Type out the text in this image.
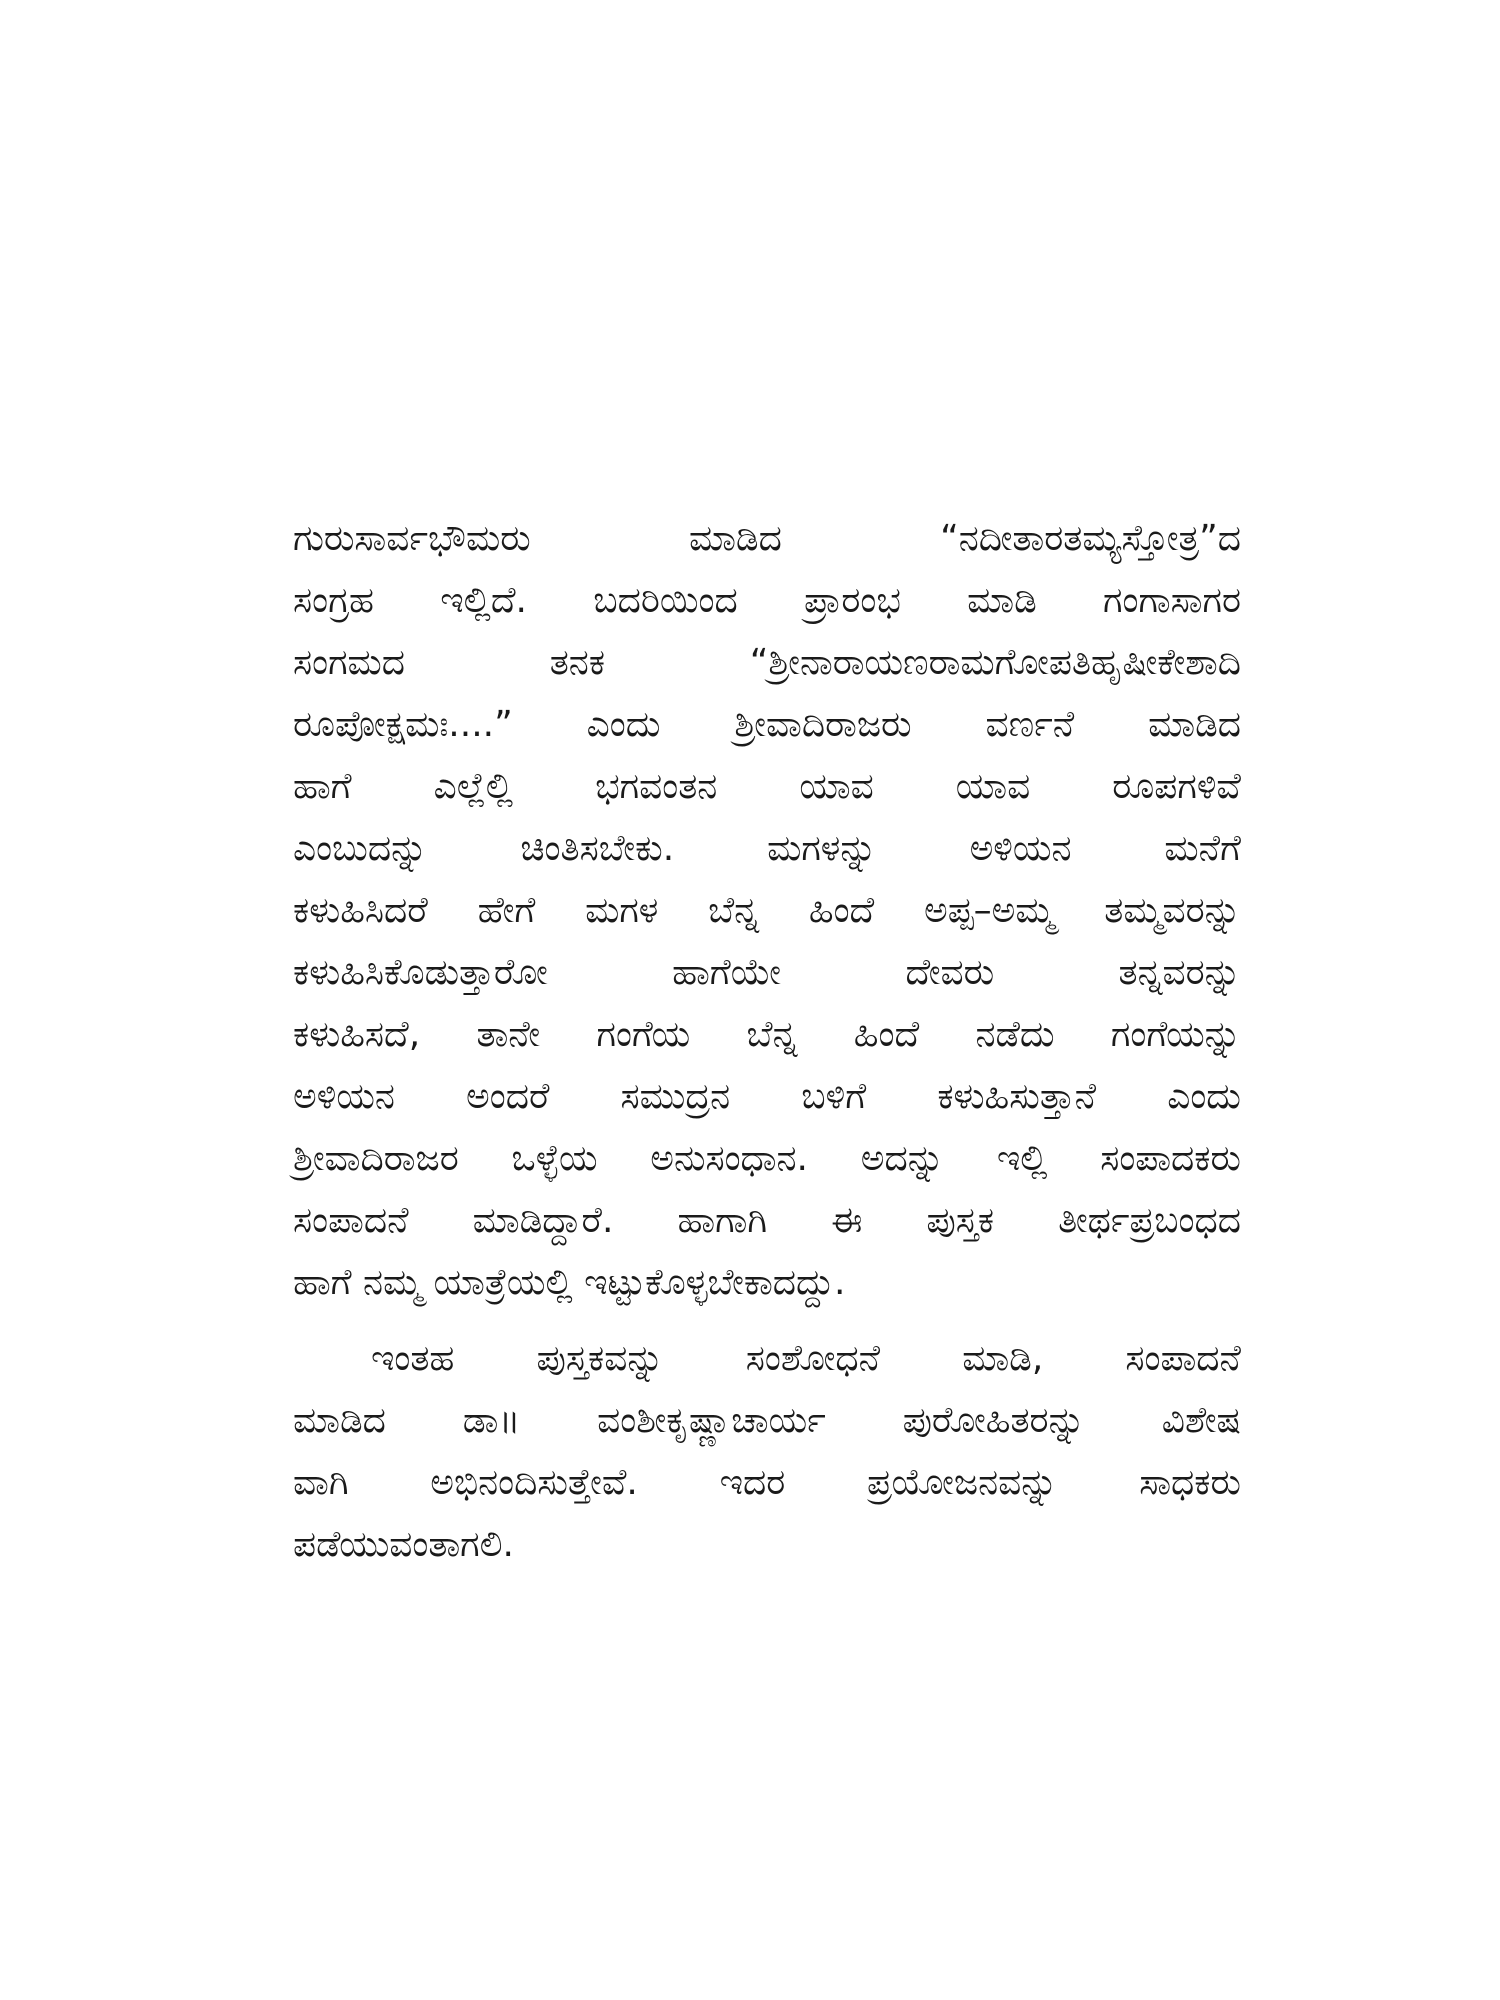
ಗುರುಸಾರ್ವಭೌಮರು ಮಾಡಿದ “ನದೀತಾರತಮ್ಯಸ್ತೋತ್ರ”ದ
ಸಂಗ್ರಹ ಇಲ್ಲಿದೆ. ಬದರಿಯಿಂದ ಪ್ರಾರಂಭ ಮಾಡಿ ಗಂಗಾಸಾಗರ
ಸಂಗಮದ ತನಕ “ಶ್ರೀನಾರಾಯಣರಾಮಗೋಪತಿಹೃಷೀಕೇಶಾದಿ
ರೂಪೋಕ್ಷಮಃ....” ಎಂದು ಶ್ರೀವಾದಿರಾಜರು ವರ್ಣನೆ ಮಾಡಿದ
ಹಾಗೆ ಎಲ್ಲೆಲ್ಲಿ ಭಗವಂತನ ಯಾವ ಯಾವ ರೂಪಗಳಿವೆ
ಎಂಬುದನ್ನು ಚಿಂತಿಸಬೇಕು. ಮಗಳನ್ನು ಅಳಿಯನ ಮನೆಗೆ
ಕಳುಹಿಸಿದರೆ ಹೇಗೆ ಮಗಳ ಬೆನ್ನ ಹಿಂದೆ ಅಪ್ಪ–ಅಮ್ಮ ತಮ್ಮವರನ್ನು
ಕಳುಹಿಸಿಕೊಡುತ್ತಾರೋ ಹಾಗೆಯೇ ದೇವರು ತನ್ನವರನ್ನು
ಕಳುಹಿಸದೆ, ತಾನೇ ಗಂಗೆಯ ಬೆನ್ನ ಹಿಂದೆ ನಡೆದು ಗಂಗೆಯನ್ನು
ಅಳಿಯನ ಅಂದರೆ ಸಮುದ್ರನ ಬಳಿಗೆ ಕಳುಹಿಸುತ್ತಾನೆ ಎಂದು
ಶ್ರೀವಾದಿರಾಜರ ಒಳ್ಳೆಯ ಅನುಸಂಧಾನ. ಅದನ್ನು ಇಲ್ಲಿ ಸಂಪಾದಕರು
ಸಂಪಾದನೆ ಮಾಡಿದ್ದಾರೆ. ಹಾಗಾಗಿ ಈ ಪುಸ್ತಕ ತೀರ್ಥಪ್ರಬಂಧದ
ಹಾಗೆ ನಮ್ಮ ಯಾತ್ರೆಯಲ್ಲಿ ಇಟ್ಟುಕೊಳ್ಳಬೇಕಾದದ್ದು.

ಇಂತಹ ಪುಸ್ತಕವನ್ನು ಸಂಶೋಧನೆ ಮಾಡಿ, ಸಂಪಾದನೆ
ಮಾಡಿದ ಡಾ॥ ವಂಶೀಕೃಷ್ಣಾಚಾರ್ಯ ಪುರೋಹಿತರನ್ನು ವಿಶೇಷ
ವಾಗಿ ಅಭಿನಂದಿಸುತ್ತೇವೆ. ಇದರ ಪ್ರಯೋಜನವನ್ನು ಸಾಧಕರು
ಪಡೆಯುವಂತಾಗಲಿ.
